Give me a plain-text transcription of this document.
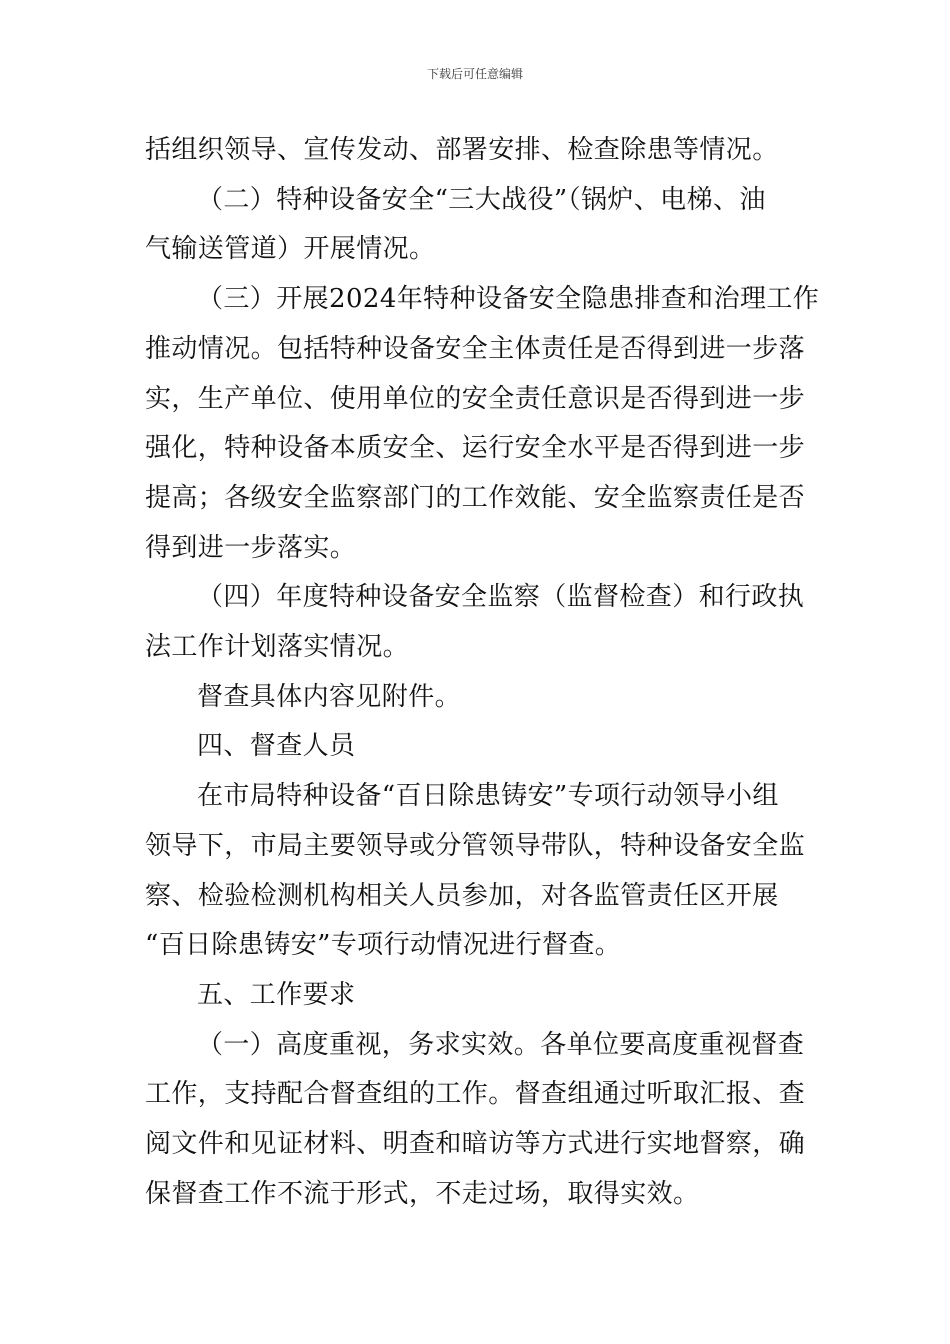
下载后可任意编辑

括组织领导、宣传发动、部署安排、检查除患等情况。

（二）特种设备安全“三大战役”（锅炉、电梯、油
气输送管道）开展情况。

（三）开展2024年特种设备安全隐患排查和治理工作
推动情况。包括特种设备安全主体责任是否得到进一步落
实，生产单位、使用单位的安全责任意识是否得到进一步
强化，特种设备本质安全、运行安全水平是否得到进一步
提高；各级安全监察部门的工作效能、安全监察责任是否
得到进一步落实。

（四）年度特种设备安全监察（监督检查）和行政执
法工作计划落实情况。

督查具体内容见附件。

四、督查人员

在市局特种设备“百日除患铸安”专项行动领导小组
领导下，市局主要领导或分管领导带队，特种设备安全监
察、检验检测机构相关人员参加，对各监管责任区开展
“百日除患铸安”专项行动情况进行督查。

五、工作要求

（一）高度重视，务求实效。各单位要高度重视督查
工作，支持配合督查组的工作。督查组通过听取汇报、查
阅文件和见证材料、明查和暗访等方式进行实地督察，确
保督查工作不流于形式，不走过场，取得实效。
